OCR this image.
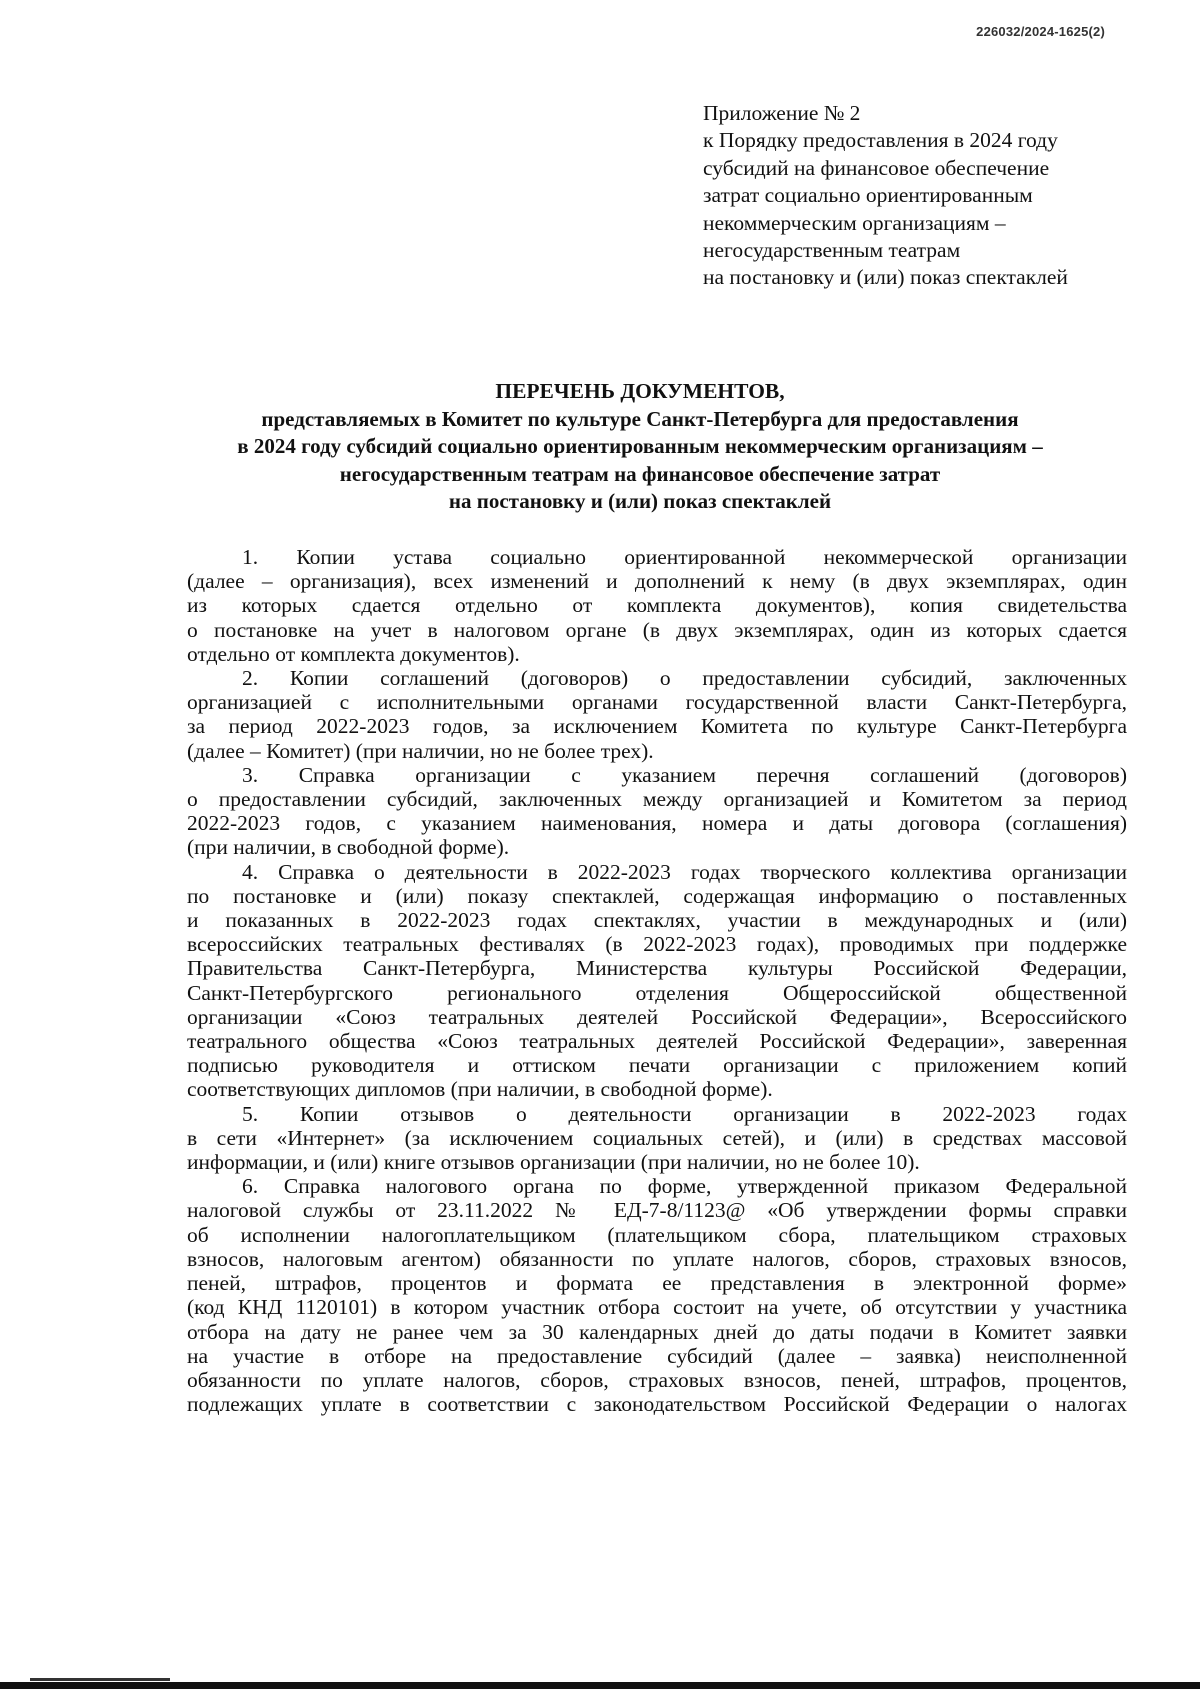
226032/2024-1625(2)
Приложение № 2
к Порядку предоставления в 2024 году
субсидий на финансовое обеспечение
затрат социально ориентированным
некоммерческим организациям –
негосударственным театрам
на постановку и (или) показ спектаклей
ПЕРЕЧЕНЬ ДОКУМЕНТОВ,
представляемых в Комитет по культуре Санкт-Петербурга для предоставления
в 2024 году субсидий социально ориентированным некоммерческим организациям –
негосударственным театрам на финансовое обеспечение затрат
на постановку и (или) показ спектаклей

1. Копии устава социально ориентированной некоммерческой организации
(далее – организация), всех изменений и дополнений к нему (в двух экземплярах, один
из которых сдается отдельно от комплекта документов), копия свидетельства
о постановке на учет в налоговом органе (в двух экземплярах, один из которых сдается
отдельно от комплекта документов).

2. Копии соглашений (договоров) о предоставлении субсидий, заключенных
организацией с исполнительными органами государственной власти Санкт-Петербурга,
за период 2022-2023 годов, за исключением Комитета по культуре Санкт-Петербурга
(далее – Комитет) (при наличии, но не более трех).

3. Справка организации с указанием перечня соглашений (договоров)
о предоставлении субсидий, заключенных между организацией и Комитетом за период
2022-2023 годов, с указанием наименования, номера и даты договора (соглашения)
(при наличии, в свободной форме).

4. Справка о деятельности в 2022-2023 годах творческого коллектива организации
по постановке и (или) показу спектаклей, содержащая информацию о поставленных
и показанных в 2022-2023 годах спектаклях, участии в международных и (или)
всероссийских театральных фестивалях (в 2022-2023 годах), проводимых при поддержке
Правительства Санкт-Петербурга, Министерства культуры Российской Федерации,
Санкт-Петербургского регионального отделения Общероссийской общественной
организации «Союз театральных деятелей Российской Федерации», Всероссийского
театрального общества «Союз театральных деятелей Российской Федерации», заверенная
подписью руководителя и оттиском печати организации с приложением копий
соответствующих дипломов (при наличии, в свободной форме).

5. Копии отзывов о деятельности организации в 2022-2023 годах
в сети «Интернет» (за исключением социальных сетей), и (или) в средствах массовой
информации, и (или) книге отзывов организации (при наличии, но не более 10).

6. Справка налогового органа по форме, утвержденной приказом Федеральной
налоговой службы от 23.11.2022 № ЕД-7-8/1123@ «Об утверждении формы справки
об исполнении налогоплательщиком (плательщиком сбора, плательщиком страховых
взносов, налоговым агентом) обязанности по уплате налогов, сборов, страховых взносов,
пеней, штрафов, процентов и формата ее представления в электронной форме»
(код КНД 1120101) в котором участник отбора состоит на учете, об отсутствии у участника
отбора на дату не ранее чем за 30 календарных дней до даты подачи в Комитет заявки
на участие в отборе на предоставление субсидий (далее – заявка) неисполненной
обязанности по уплате налогов, сборов, страховых взносов, пеней, штрафов, процентов,
подлежащих уплате в соответствии с законодательством Российской Федерации о налогах
